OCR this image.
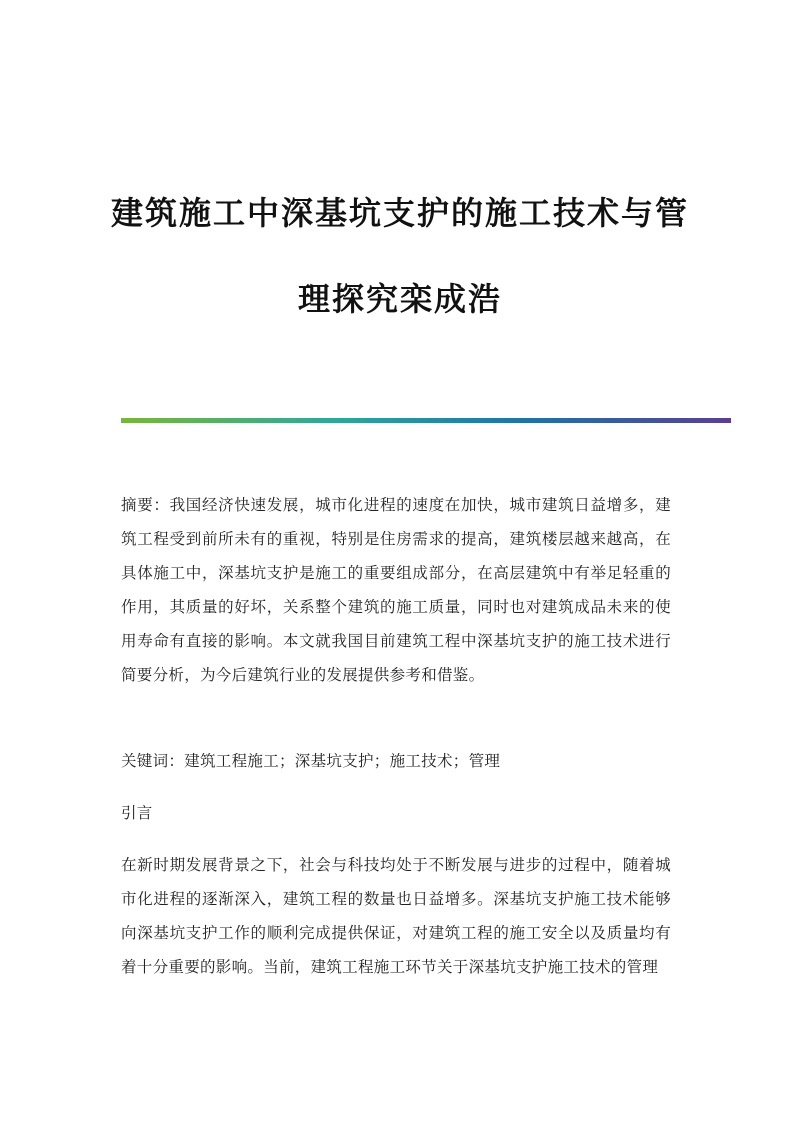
建筑施工中深基坑支护的施工技术与管
理探究栾成浩

摘要：我国经济快速发展，城市化进程的速度在加快，城市建筑日益增多，建筑工程受到前所未有的重视，特别是住房需求的提高，建筑楼层越来越高，在具体施工中，深基坑支护是施工的重要组成部分，在高层建筑中有举足轻重的作用，其质量的好坏，关系整个建筑的施工质量，同时也对建筑成品未来的使用寿命有直接的影响。本文就我国目前建筑工程中深基坑支护的施工技术进行简要分析，为今后建筑行业的发展提供参考和借鉴。

关键词：建筑工程施工；深基坑支护；施工技术；管理

引言

在新时期发展背景之下，社会与科技均处于不断发展与进步的过程中，随着城市化进程的逐渐深入，建筑工程的数量也日益增多。深基坑支护施工技术能够向深基坑支护工作的顺利完成提供保证，对建筑工程的施工安全以及质量均有着十分重要的影响。当前，建筑工程施工环节关于深基坑支护施工技术的管理
